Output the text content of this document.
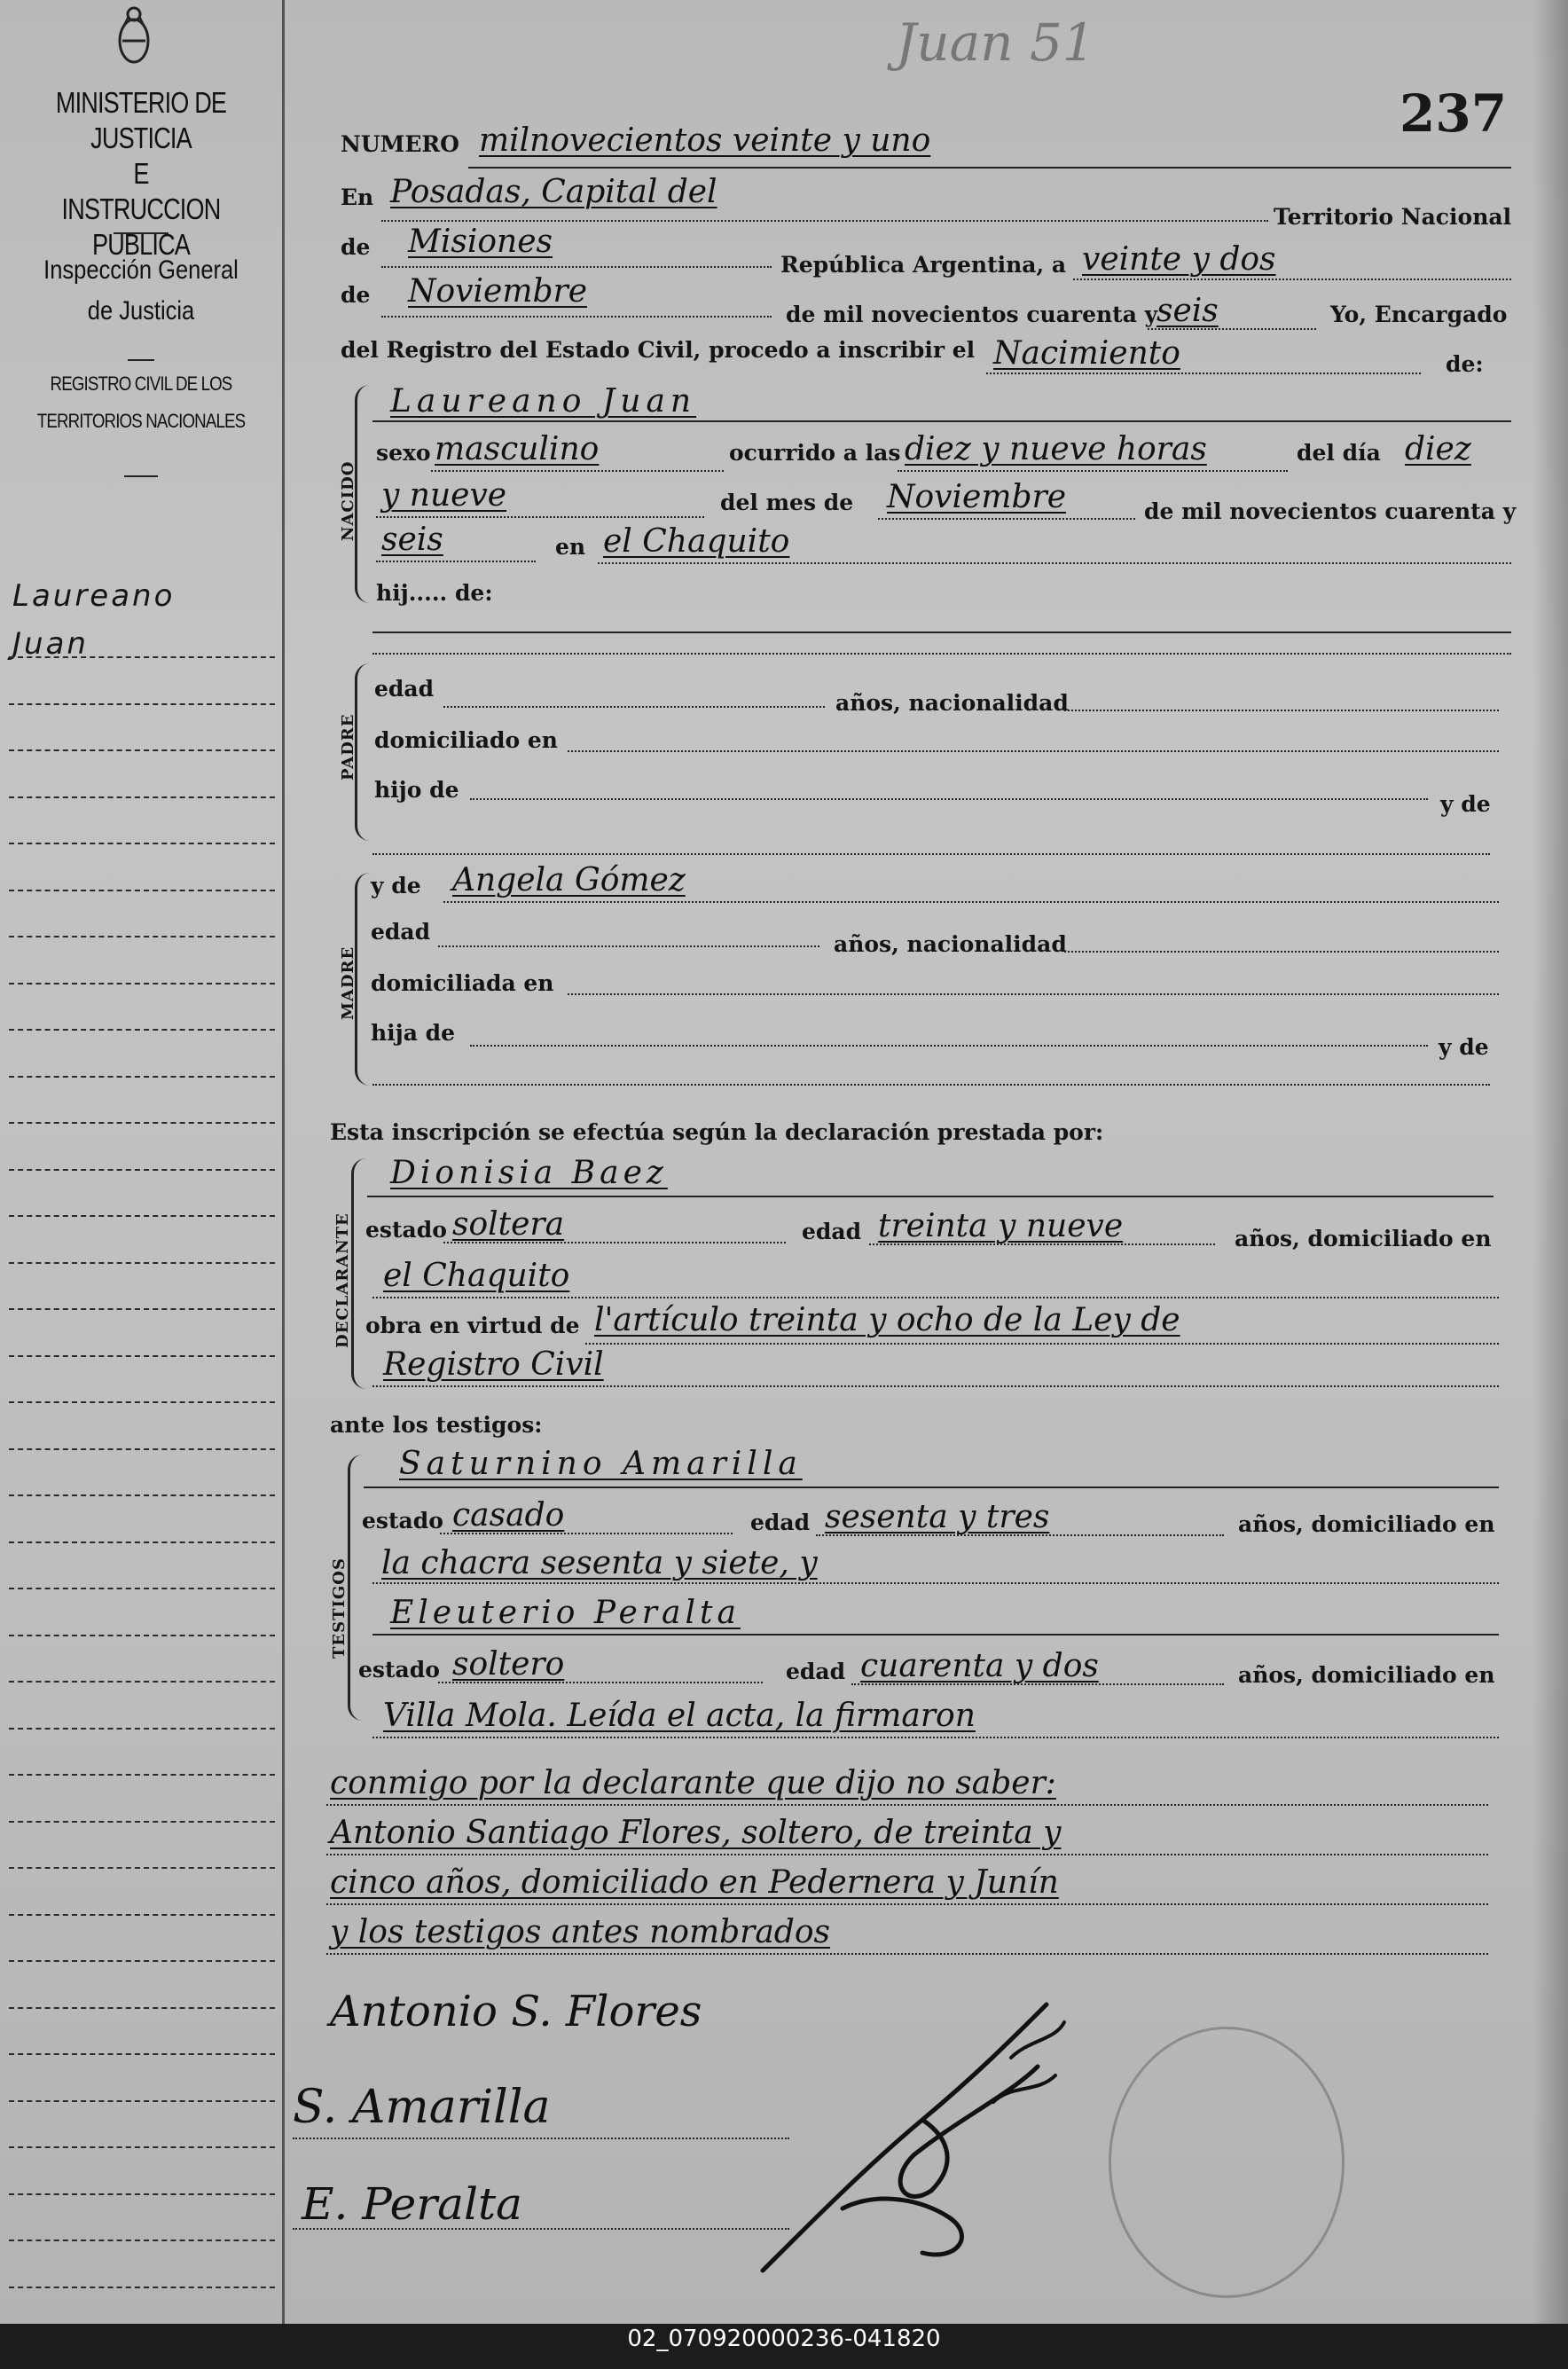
MINISTERIO DE JUSTICIA
E
INSTRUCCION PUBLICA
Inspección General
de Justicia
REGISTRO CIVIL DE LOS
TERRITORIOS NACIONALES
Laureano
Juan
Juan 51
237
NUMERO milnovecientos veinte y uno
En Posadas, Capital del
Territorio Nacional
de Misiones
República Argentina, a veinte y dos
de Noviembre
de mil novecientos cuarenta y
seis	Yo, Encargado
del Registro del Estado Civil, procedo a inscribir el Nacimiento	de:
NACIDO
Laureano Juan
sexo masculino	ocurrido a las diez y nueve horas	del día diez
y nueve	del mes de Noviembre	de mil novecientos cuarenta y
seis	en el Chaquito
hij..... de:
PADRE
edad
años, nacionalidad
domiciliado en
hijo de
y de
MADRE
y de Angela Gómez
edad	años, nacionalidad
domiciliada en
hija de
y de
Esta inscripción se efectúa según la declaración prestada por:
DECLARANTE
Dionisia Baez
estado soltera	edad treinta y nueve	años, domiciliado en
el Chaquito
obra en virtud de l'artículo treinta y ocho de la Ley de
Registro Civil
ante los testigos:
TESTIGOS
Saturnino Amarilla
estado casado	edad sesenta y tres	años, domiciliado en
la chacra sesenta y siete, y
Eleuterio Peralta
estado soltero	edad cuarenta y dos	años, domiciliado en
Villa Mola. Leída el acta, la firmaron
conmigo por la declarante que dijo no saber:
Antonio Santiago Flores, soltero, de treinta y
cinco años, domiciliado en Pedernera y Junín
y los testigos antes nombrados
Antonio S. Flores
S. Amarilla
E. Peralta
02_070920000236-041820
